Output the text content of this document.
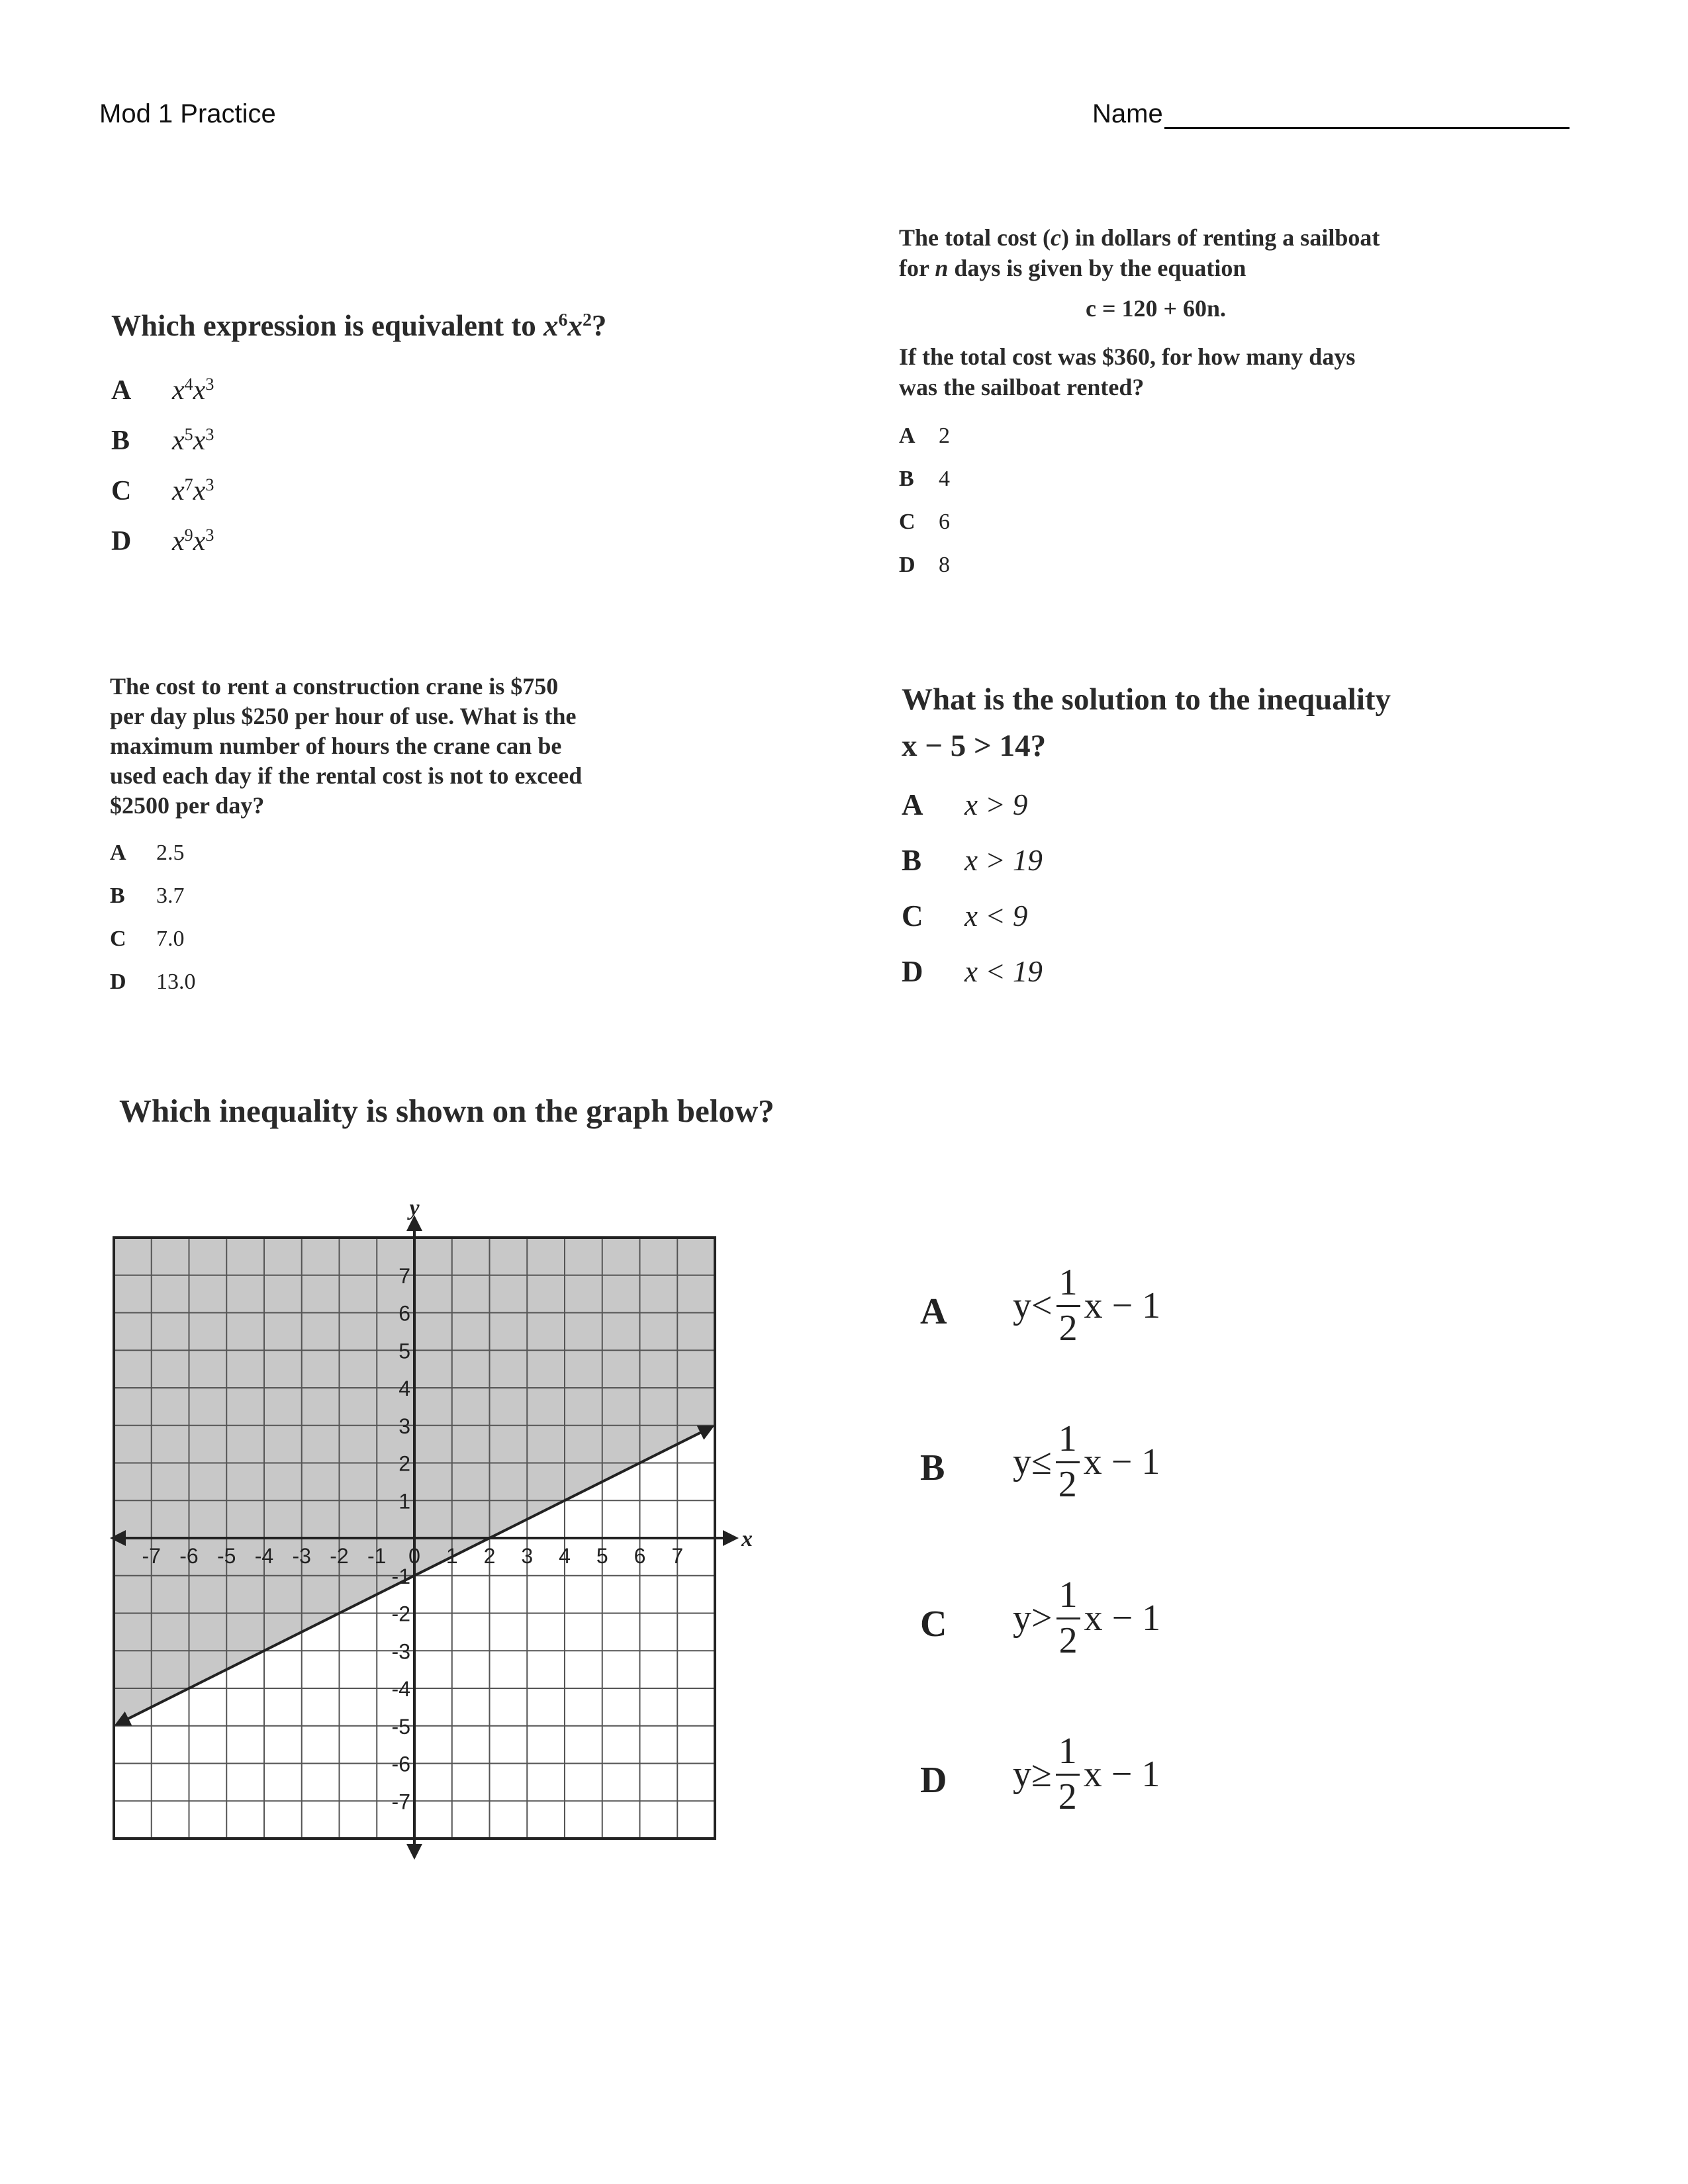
Mod 1 Practice	Name
Which expression is equivalent to $x^6x^2$?
A	$x^4x^3$
B	$x^5x^3$
C	$x^7x^3$
D	$x^9x^3$
The total cost (c) in dollars of renting a sailboat
for n days is given by the equation
c = 120 + 60n.
If the total cost was $360, for how many days
was the sailboat rented?
A	2
B	4
C	6
D	8
The cost to rent a construction crane is $750
per day plus $250 per hour of use. What is the
maximum number of hours the crane can be
used each day if the rental cost is not to exceed
$2500 per day?
A	2.5
B	3.7
C	7.0
D	13.0
What is the solution to the inequality
x − 5 > 14?
A	x > 9
B	x > 19
C	x < 9
D	x < 19
Which inequality is shown on the graph below?
-7 -6 -5 -4 -3 -2 -1 0 1 2 3 4 5 6 7
7
6
5
4
3
2
1
-1
-2
-3
-4
-5
-6
-7
x
y
A	$y< \frac{1}{2}$ x − 1
B	$y\le \frac{1}{2}$ x − 1
C	$y> \frac{1}{2}$ x − 1
D	$y\ge \frac{1}{2}$ x − 1
